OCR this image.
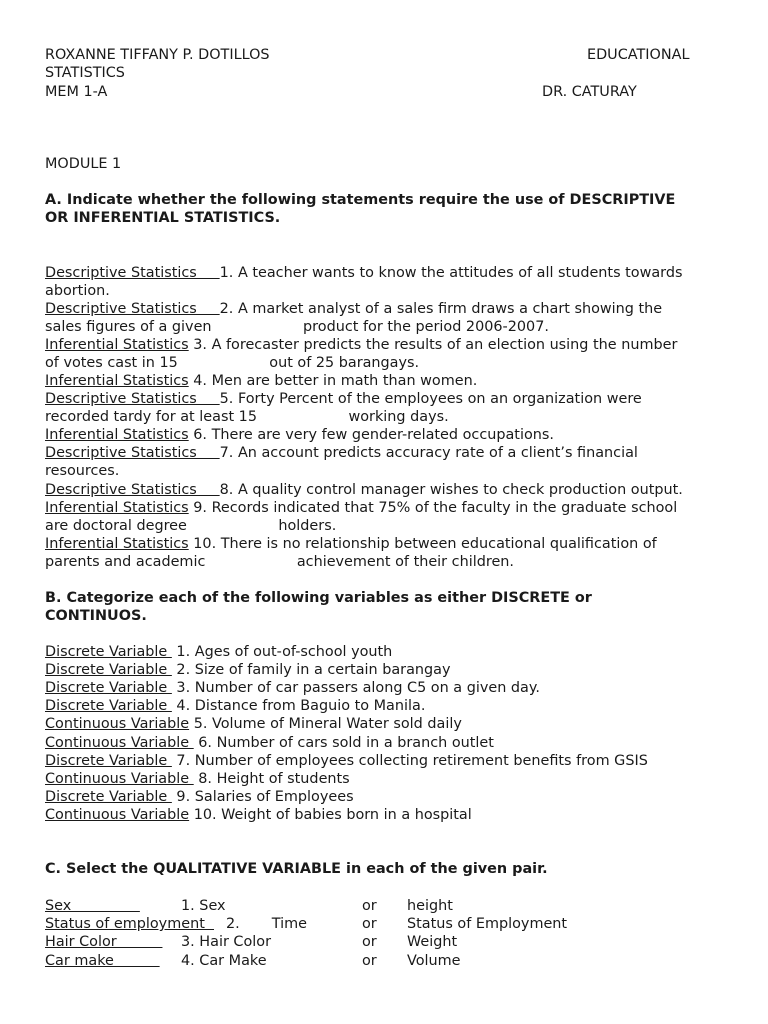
ROXANNE TIFFANY P. DOTILLOS	EDUCATIONAL
STATISTICS
MEM 1-A	DR. CATURAY
MODULE 1
A. Indicate whether the following statements require the use of DESCRIPTIVE
OR INFERENTIAL STATISTICS.
Descriptive Statistics     1. A teacher wants to know the attitudes of all students towards
abortion.
Descriptive Statistics     2. A market analyst of a sales firm draws a chart showing the
sales figures of a given                    product for the period 2006-2007.
Inferential Statistics 3. A forecaster predicts the results of an election using the number
of votes cast in 15                    out of 25 barangays.
Inferential Statistics 4. Men are better in math than women.
Descriptive Statistics     5. Forty Percent of the employees on an organization were
recorded tardy for at least 15                    working days.
Inferential Statistics 6. There are very few gender-related occupations.
Descriptive Statistics     7. An account predicts accuracy rate of a client’s financial
resources.
Descriptive Statistics     8. A quality control manager wishes to check production output.
Inferential Statistics 9. Records indicated that 75% of the faculty in the graduate school
are doctoral degree                    holders.
Inferential Statistics 10. There is no relationship between educational qualification of
parents and academic                    achievement of their children.
B. Categorize each of the following variables as either DISCRETE or
CONTINUOS.
Discrete Variable  1. Ages of out-of-school youth
Discrete Variable  2. Size of family in a certain barangay
Discrete Variable  3. Number of car passers along C5 on a given day.
Discrete Variable  4. Distance from Baguio to Manila.
Continuous Variable 5. Volume of Mineral Water sold daily
Continuous Variable  6. Number of cars sold in a branch outlet
Discrete Variable  7. Number of employees collecting retirement benefits from GSIS
Continuous Variable  8. Height of students
Discrete Variable  9. Salaries of Employees
Continuous Variable 10. Weight of babies born in a hospital
C. Select the QUALITATIVE VARIABLE in each of the given pair.
Sex	1. Sex	or height
Status of employment 2.       Time	or Status of Employment
Hair Color 3. Hair Color	or Weight
Car make 4. Car Make	or Volume
